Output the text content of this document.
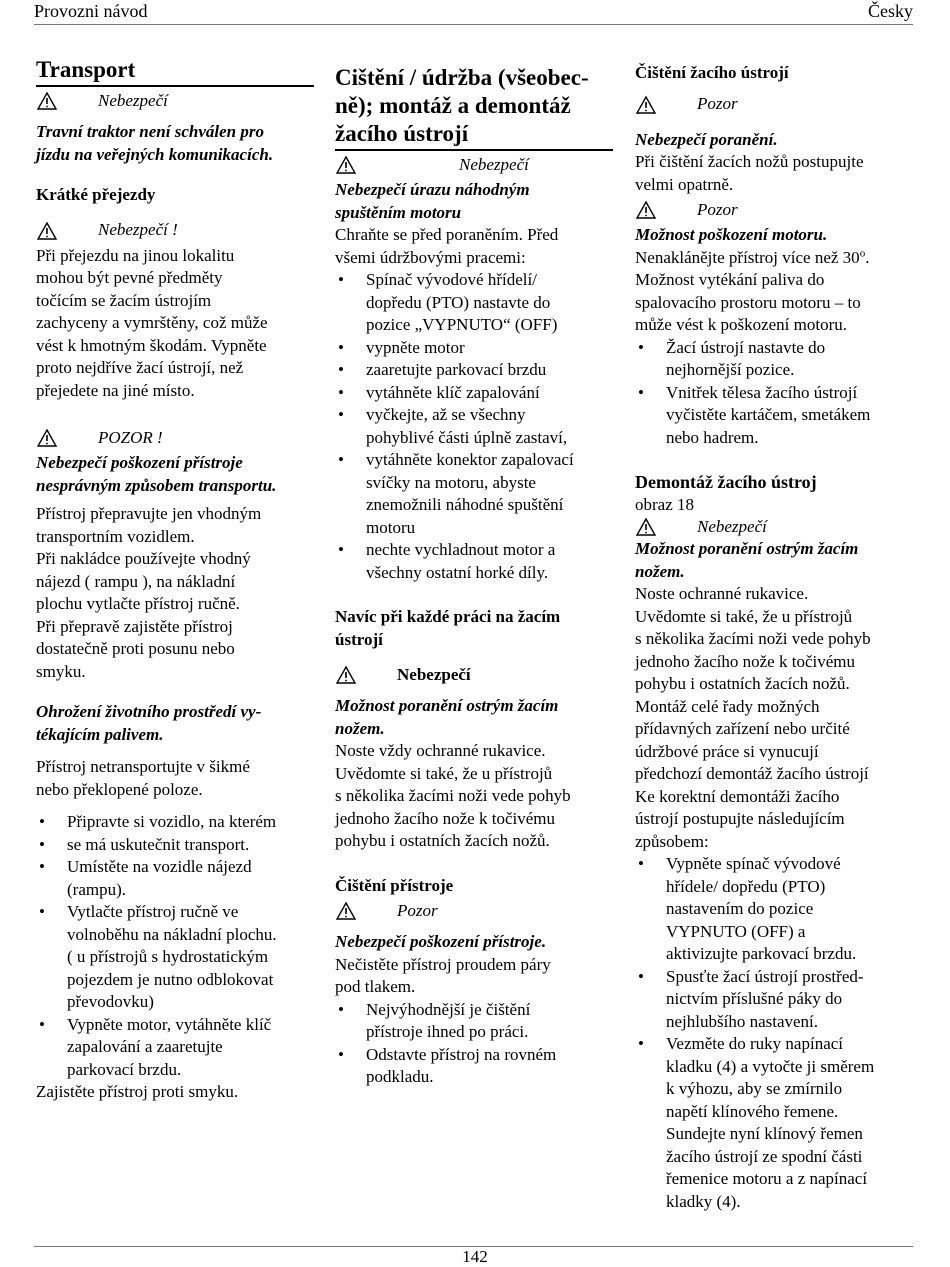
Provozni návod	Česky

Transport

Nebezpečí

Travní traktor není schválen pro

jízdu na veřejných komunikacích.

Krátké přejezdy

Nebezpečí !

Při přejezdu na jinou lokalitu

mohou být pevné předměty

točícím se žacím ústrojím

zachyceny a vymrštěny, což může

vést k hmotným škodám. Vypněte

proto nejdříve žací ústrojí, než

přejedete na jiné místo.

POZOR !

Nebezpečí poškození přístroje

nesprávným způsobem transportu.

Přístroj přepravujte jen vhodným

transportním vozidlem.

Při nakládce používejte vhodný

nájezd ( rampu ), na nákladní

plochu vytlačte přístroj ručně.

Při přepravě zajistěte přístroj

dostatečně proti posunu nebo

smyku.

Ohrožení životního prostředí vy-

tékajícím palivem.

Přístroj netransportujte v šikmé

nebo překlopené poloze.

• Připravte si vozidlo, na kterém
• se má uskutečnit transport.
• Umístěte na vozidle nájezd
(rampu).
• Vytlačte přístroj ručně ve
volnoběhu na nákladní plochu.
( u přístrojů s hydrostatickým
pojezdem je nutno odblokovat
převodovku)
• Vypněte motor, vytáhněte klíč
zapalování a zaaretujte
parkovací brzdu.

Zajistěte přístroj proti smyku.

Cištění / údržba (všeobec-
ně); montáž a demontáž
žacího ústrojí
Nebezpečí

Nebezpečí úrazu náhodným

spuštěním motoru

Chraňte se před poraněním. Před

všemi údržbovými pracemi:

• Spínač vývodové hřídelí/
dopředu (PTO) nastavte do
pozice „VYPNUTO“ (OFF)
• vypněte motor
• zaaretujte parkovací brzdu
• vytáhněte klíč zapalování
• vyčkejte, až se všechny
pohyblivé části úplně zastaví,
• vytáhněte konektor zapalovací
svíčky na motoru, abyste
znemožnili náhodné spuštění
motoru
• nechte vychladnout motor a
všechny ostatní horké díly.

Navíc při každé práci na žacím

ústrojí

Nebezpečí

Možnost poranění ostrým žacím

nožem.

Noste vždy ochranné rukavice.

Uvědomte si také, že u přístrojů

s několika žacími noži vede pohyb

jednoho žacího nože k točivému

pohybu i ostatních žacích nožů.

Čištění přístroje

Pozor

Nebezpečí poškození přístroje.

Nečistěte přístroj proudem páry

pod tlakem.

• Nejvýhodnější je čištění
přístroje ihned po práci.
• Odstavte přístroj na rovném
podkladu.

Čištění žacího ústrojí

Pozor

Nebezpečí poranění.

Při čištění žacích nožů postupujte

velmi opatrně.

Pozor

Možnost poškození motoru.

Nenaklánějte přístroj více než 30$^o$.

Možnost vytékání paliva do

spalovacího prostoru motoru – to

může vést k poškození motoru.

• Žací ústrojí nastavte do
nejhornější pozice.
• Vnitřek tělesa žacího ústrojí
vyčistěte kartáčem, smetákem
nebo hadrem.

Demontáž žacího ústroj

obraz 18

Nebezpečí

Možnost poranění ostrým žacím

nožem.

Noste ochranné rukavice.

Uvědomte si také, že u přístrojů

s několika žacími noži vede pohyb

jednoho žacího nože k točivému

pohybu i ostatních žacích nožů.

Montáž celé řady možných

přídavných zařízení nebo určité

údržbové práce si vynucují

předchozí demontáž žacího ústrojí

Ke korektní demontáži žacího

ústrojí postupujte následujícím

způsobem:

• Vypněte spínač vývodové
hřídele/ dopředu (PTO)
nastavením do pozice
VYPNUTO (OFF) a
aktivizujte parkovací brzdu.
• Spusťte žací ústrojí prostřed-
nictvím příslušné páky do
nejhlubšího nastavení.
• Vezměte do ruky napínací
kladku (4) a vytočte ji směrem
k výhozu, aby se zmírnilo
napětí klínového řemene.
Sundejte nyní klínový řemen
žacího ústrojí ze spodní části
řemenice motoru a z napínací
kladky (4).
142
